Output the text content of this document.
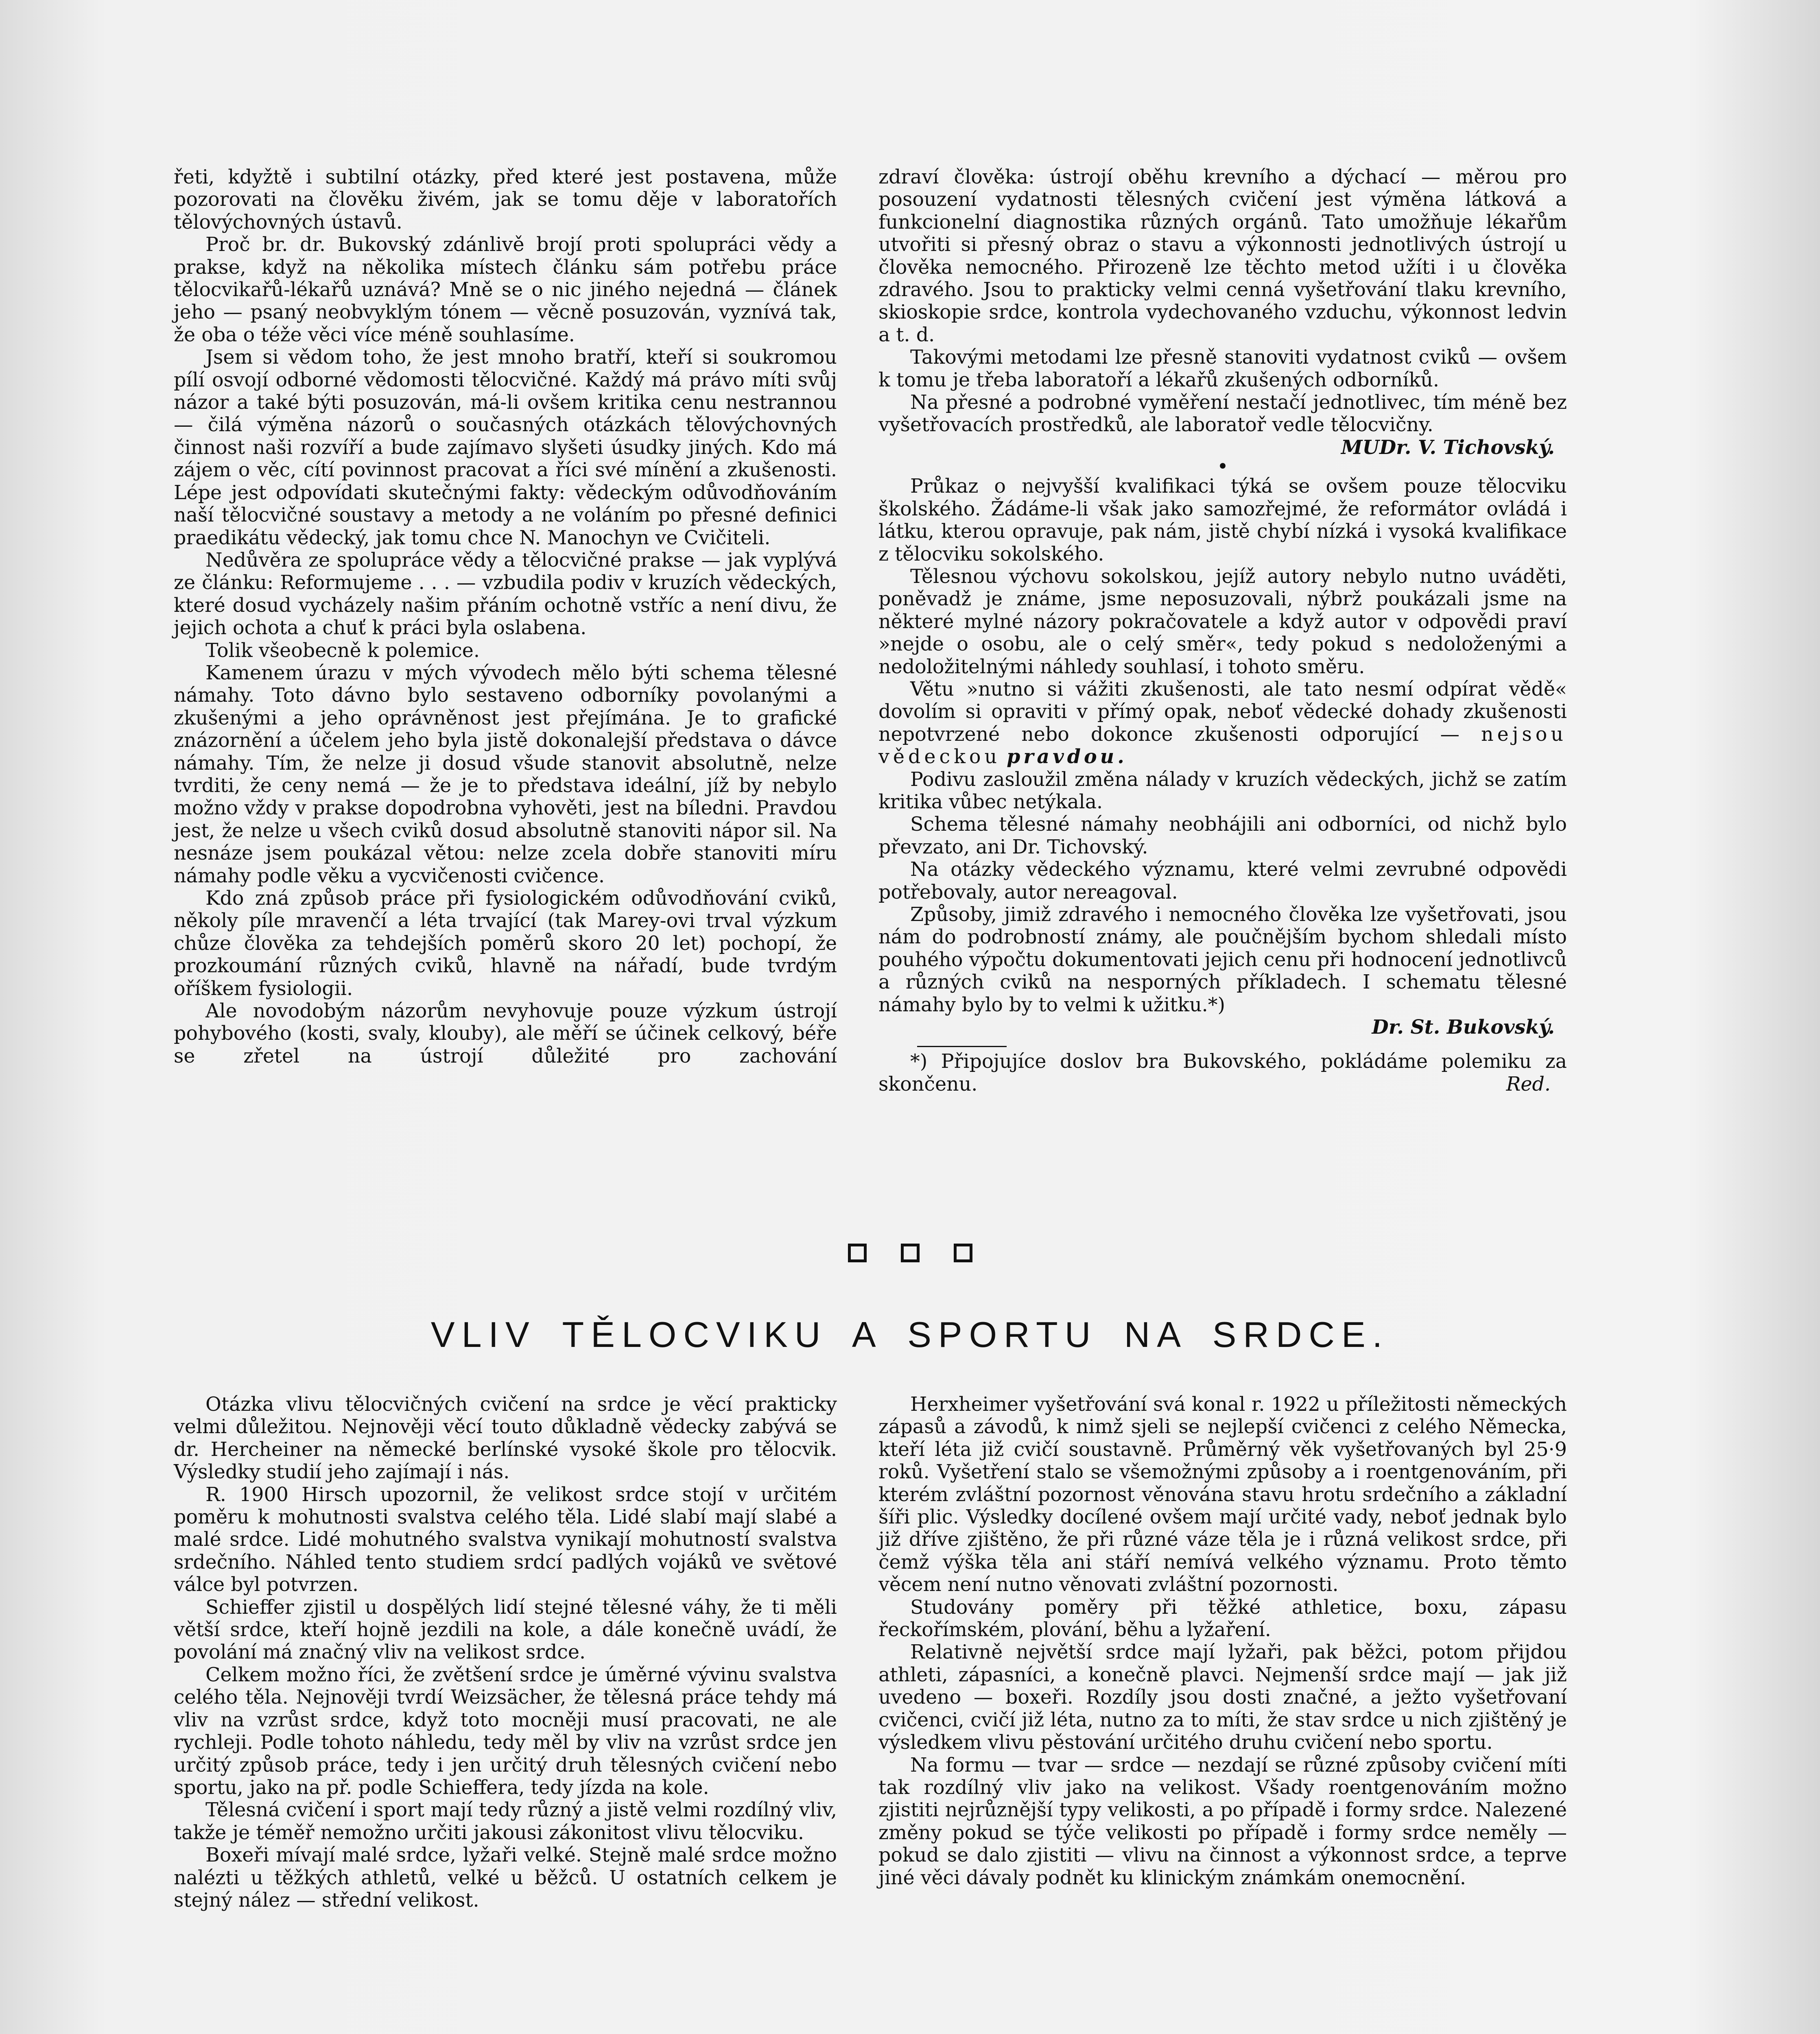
řeti, kdyžtě i subtilní otázky, před které jest postavena, může pozorovati na člověku živém, jak se tomu děje v laboratořích tělovýchovných ústavů.

Proč br. dr. Bukovský zdánlivě brojí proti spolupráci vědy a prakse, když na několika místech článku sám potřebu práce tělocvikařů-lékařů uznává? Mně se o nic jiného nejedná — článek jeho — psaný neobvyklým tónem — věcně posuzován, vyznívá tak, že oba o téže věci více méně souhlasíme.

Jsem si vědom toho, že jest mnoho bratří, kteří si soukromou pílí osvojí odborné vědomosti tělocvičné. Každý má právo míti svůj názor a také býti posuzován, má-li ovšem kritika cenu nestrannou — čilá výměna názorů o současných otázkách tělovýchovných činnost naši rozvíří a bude zajímavo slyšeti úsudky jiných. Kdo má zájem o věc, cítí povinnost pracovat a říci své mínění a zkušenosti. Lépe jest odpovídati skutečnými fakty: vědeckým odůvodňováním naší tělocvičné soustavy a metody a ne voláním po přesné definici praedikátu vědecký, jak tomu chce N. Manochyn ve Cvičiteli.

Nedůvěra ze spolupráce vědy a tělocvičné prakse — jak vyplývá ze článku: Reformujeme . . . — vzbudila podiv v kruzích vědeckých, které dosud vycházely našim přáním ochotně vstříc a není divu, že jejich ochota a chuť k práci byla oslabena.

Tolik všeobecně k polemice.

Kamenem úrazu v mých vývodech mělo býti schema tělesné námahy. Toto dávno bylo sestaveno odborníky povolanými a zkušenými a jeho oprávněnost jest přejímána. Je to grafické znázornění a účelem jeho byla jistě dokonalejší představa o dávce námahy. Tím, že nelze ji dosud všude stanovit absolutně, nelze tvrditi, že ceny nemá — že je to představa ideální, jíž by nebylo možno vždy v prakse dopodrobna vyhověti, jest na bíledni. Pravdou jest, že nelze u všech cviků dosud absolutně stanoviti nápor sil. Na nesnáze jsem poukázal větou: nelze zcela dobře stanoviti míru námahy podle věku a vycvičenosti cvičence.

Kdo zná způsob práce při fysiologickém odůvodňování cviků, několy píle mravenčí a léta trvající (tak Marey-ovi trval výzkum chůze člověka za tehdejších poměrů skoro 20 let) pochopí, že prozkoumání různých cviků, hlavně na nářadí, bude tvrdým oříškem fysiologii.

Ale novodobým názorům nevyhovuje pouze výzkum ústrojí pohybového (kosti, svaly, klouby), ale měří se účinek celkový, béře se zřetel na ústrojí důležité pro zachování

zdraví člověka: ústrojí oběhu krevního a dýchací — měrou pro posouzení vydatnosti tělesných cvičení jest výměna látková a funkcionelní diagnostika různých orgánů. Tato umožňuje lékařům utvořiti si přesný obraz o stavu a výkonnosti jednotlivých ústrojí u člověka nemocného. Přirozeně lze těchto metod užíti i u člověka zdravého. Jsou to prakticky velmi cenná vyšetřování tlaku krevního, skioskopie srdce, kontrola vydechovaného vzduchu, výkonnost ledvin a t. d.

Takovými metodami lze přesně stanoviti vydatnost cviků — ovšem k tomu je třeba laboratoří a lékařů zkušených odborníků.

Na přesné a podrobné vyměření nestačí jednotlivec, tím méně bez vyšetřovacích prostředků, ale laboratoř vedle tělocvičny.

MUDr. V. Tichovský.
•

Průkaz o nejvyšší kvalifikaci týká se ovšem pouze tělocviku školského. Žádáme-li však jako samozřejmé, že reformátor ovládá i látku, kterou opravuje, pak nám, jistě chybí nízká i vysoká kvalifikace z tělocviku sokolského.

Tělesnou výchovu sokolskou, jejíž autory nebylo nutno uváděti, poněvadž je známe, jsme neposuzovali, nýbrž poukázali jsme na některé mylné názory pokračovatele a když autor v odpovědi praví »nejde o osobu, ale o celý směr«, tedy pokud s nedoloženými a nedoložitelnými náhledy souhlasí, i tohoto směru.

Větu »nutno si vážiti zkušenosti, ale tato nesmí odpírat vědě« dovolím si opraviti v přímý opak, neboť vědecké dohady zkušenosti nepotvrzené nebo dokonce zkušenosti odporující — nejsou vědeckou pravdou.

Podivu zasloužil změna nálady v kruzích vědeckých, jichž se zatím kritika vůbec netýkala.

Schema tělesné námahy neobhájili ani odborníci, od nichž bylo převzato, ani Dr. Tichovský.

Na otázky vědeckého významu, které velmi zevrubné odpovědi potřebovaly, autor nereagoval.

Způsoby, jimiž zdravého i nemocného člověka lze vyšetřovati, jsou nám do podrobností známy, ale poučnějším bychom shledali místo pouhého výpočtu dokumentovati jejich cenu při hodnocení jednotlivců a různých cviků na nesporných příkladech. I schematu tělesné námahy bylo by to velmi k užitku.*)

Dr. St. Bukovský.

*) Připojujíce doslov bra Bukovského, pokládáme polemiku za skončenu.	Red.

VLIV TĚLOCVIKU A SPORTU NA SRDCE.

Otázka vlivu tělocvičných cvičení na srdce je věcí prakticky velmi důležitou. Nejnověji věcí touto důkladně vědecky zabývá se dr. Hercheiner na německé berlínské vysoké škole pro tělocvik. Výsledky studií jeho zajímají i nás.

R. 1900 Hirsch upozornil, že velikost srdce stojí v určitém poměru k mohutnosti svalstva celého těla. Lidé slabí mají slabé a malé srdce. Lidé mohutného svalstva vynikají mohutností svalstva srdečního. Náhled tento studiem srdcí padlých vojáků ve světové válce byl potvrzen.

Schieffer zjistil u dospělých lidí stejné tělesné váhy, že ti měli větší srdce, kteří hojně jezdili na kole, a dále konečně uvádí, že povolání má značný vliv na velikost srdce.

Celkem možno říci, že zvětšení srdce je úměrné vývinu svalstva celého těla. Nejnověji tvrdí Weizsächer, že tělesná práce tehdy má vliv na vzrůst srdce, když toto mocněji musí pracovati, ne ale rychleji. Podle tohoto náhledu, tedy měl by vliv na vzrůst srdce jen určitý způsob práce, tedy i jen určitý druh tělesných cvičení nebo sportu, jako na př. podle Schieffera, tedy jízda na kole.

Tělesná cvičení i sport mají tedy různý a jistě velmi rozdílný vliv, takže je téměř nemožno určiti jakousi zákonitost vlivu tělocviku.

Boxeři mívají malé srdce, lyžaři velké. Stejně malé srdce možno nalézti u těžkých athletů, velké u běžců. U ostatních celkem je stejný nález — střední velikost.

Herxheimer vyšetřování svá konal r. 1922 u příležitosti německých zápasů a závodů, k nimž sjeli se nejlepší cvičenci z celého Německa, kteří léta již cvičí soustavně. Průměrný věk vyšetřovaných byl 25·9 roků. Vyšetření stalo se všemožnými způsoby a i roentgenováním, při kterém zvláštní pozornost věnována stavu hrotu srdečního a základní šíři plic. Výsledky docílené ovšem mají určité vady, neboť jednak bylo již dříve zjištěno, že při různé váze těla je i různá velikost srdce, při čemž výška těla ani stáří nemívá velkého významu. Proto těmto věcem není nutno věnovati zvláštní pozornosti.

Studovány poměry při těžké athletice, boxu, zápasu řeckořímském, plování, běhu a lyžaření.

Relativně největší srdce mají lyžaři, pak běžci, potom přijdou athleti, zápasníci, a konečně plavci. Nejmenší srdce mají — jak již uvedeno — boxeři. Rozdíly jsou dosti značné, a ježto vyšetřovaní cvičenci, cvičí již léta, nutno za to míti, že stav srdce u nich zjištěný je výsledkem vlivu pěstování určitého druhu cvičení nebo sportu.

Na formu — tvar — srdce — nezdají se různé způsoby cvičení míti tak rozdílný vliv jako na velikost. Všady roentgenováním možno zjistiti nejrůznější typy velikosti, a po případě i formy srdce. Nalezené změny pokud se týče velikosti po případě i formy srdce neměly — pokud se dalo zjistiti — vlivu na činnost a výkonnost srdce, a teprve jiné věci dávaly podnět ku klinickým známkám onemocnění.
